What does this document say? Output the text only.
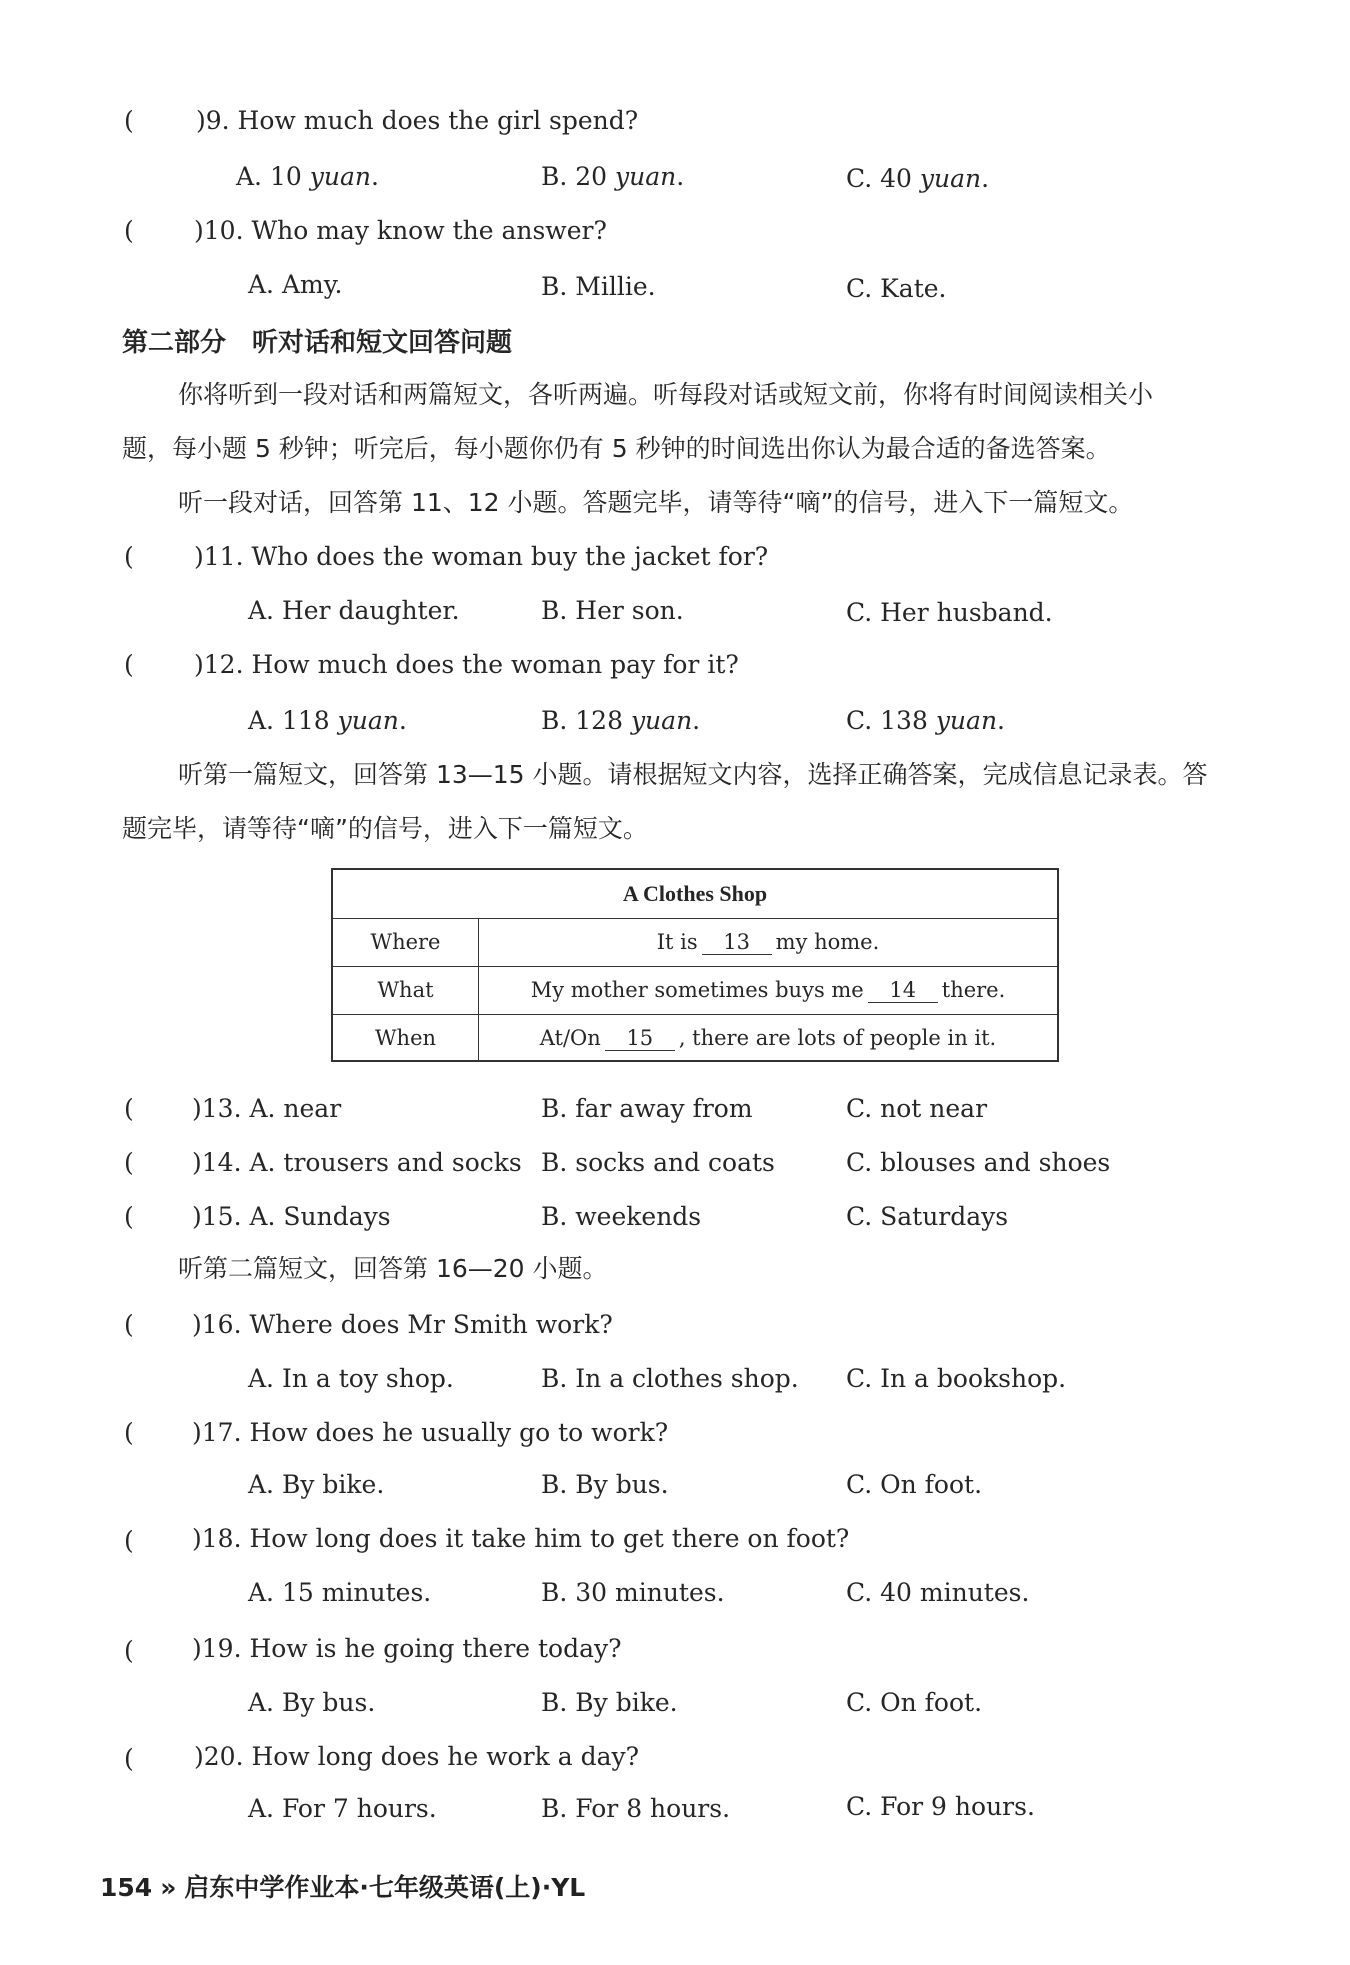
( )9. How much does the girl spend?
A. 10 yuan.	B. 20 yuan.	C. 40 yuan.
( )10. Who may know the answer?
A. Amy.	B. Millie.	C. Kate.
第二部分　听对话和短文回答问题
你将听到一段对话和两篇短文，各听两遍。听每段对话或短文前，你将有时间阅读相关小
题，每小题 5 秒钟；听完后，每小题你仍有 5 秒钟的时间选出你认为最合适的备选答案。
听一段对话，回答第 11、12 小题。答题完毕，请等待“嘀”的信号，进入下一篇短文。
( )11. Who does the woman buy the jacket for?
A. Her daughter.	B. Her son.	C. Her husband.
( )12. How much does the woman pay for it?
A. 118 yuan.	B. 128 yuan.	C. 138 yuan.
听第一篇短文，回答第 13—15 小题。请根据短文内容，选择正确答案，完成信息记录表。答
题完毕，请等待“嘀”的信号，进入下一篇短文。
A Clothes Shop
Where	It is 13 my home.
What	My mother sometimes buys me 14 there.
When	At/On 15 , there are lots of people in it.
( )13. A. near	B. far away from	C. not near
( )14. A. trousers and socks B. socks and coats	C. blouses and shoes
( )15. A. Sundays	B. weekends	C. Saturdays
听第二篇短文，回答第 16—20 小题。
( )16. Where does Mr Smith work?
A. In a toy shop.	B. In a clothes shop. C. In a bookshop.
( )17. How does he usually go to work?
A. By bike.	B. By bus.	C. On foot.
( )18. How long does it take him to get there on foot?
A. 15 minutes.	B. 30 minutes.	C. 40 minutes.
( )19. How is he going there today?
A. By bus.	B. By bike.	C. On foot.
( )20. How long does he work a day?
A. For 7 hours.	B. For 8 hours.	C. For 9 hours.
154 » 启东中学作业本·七年级英语(上)·YL
